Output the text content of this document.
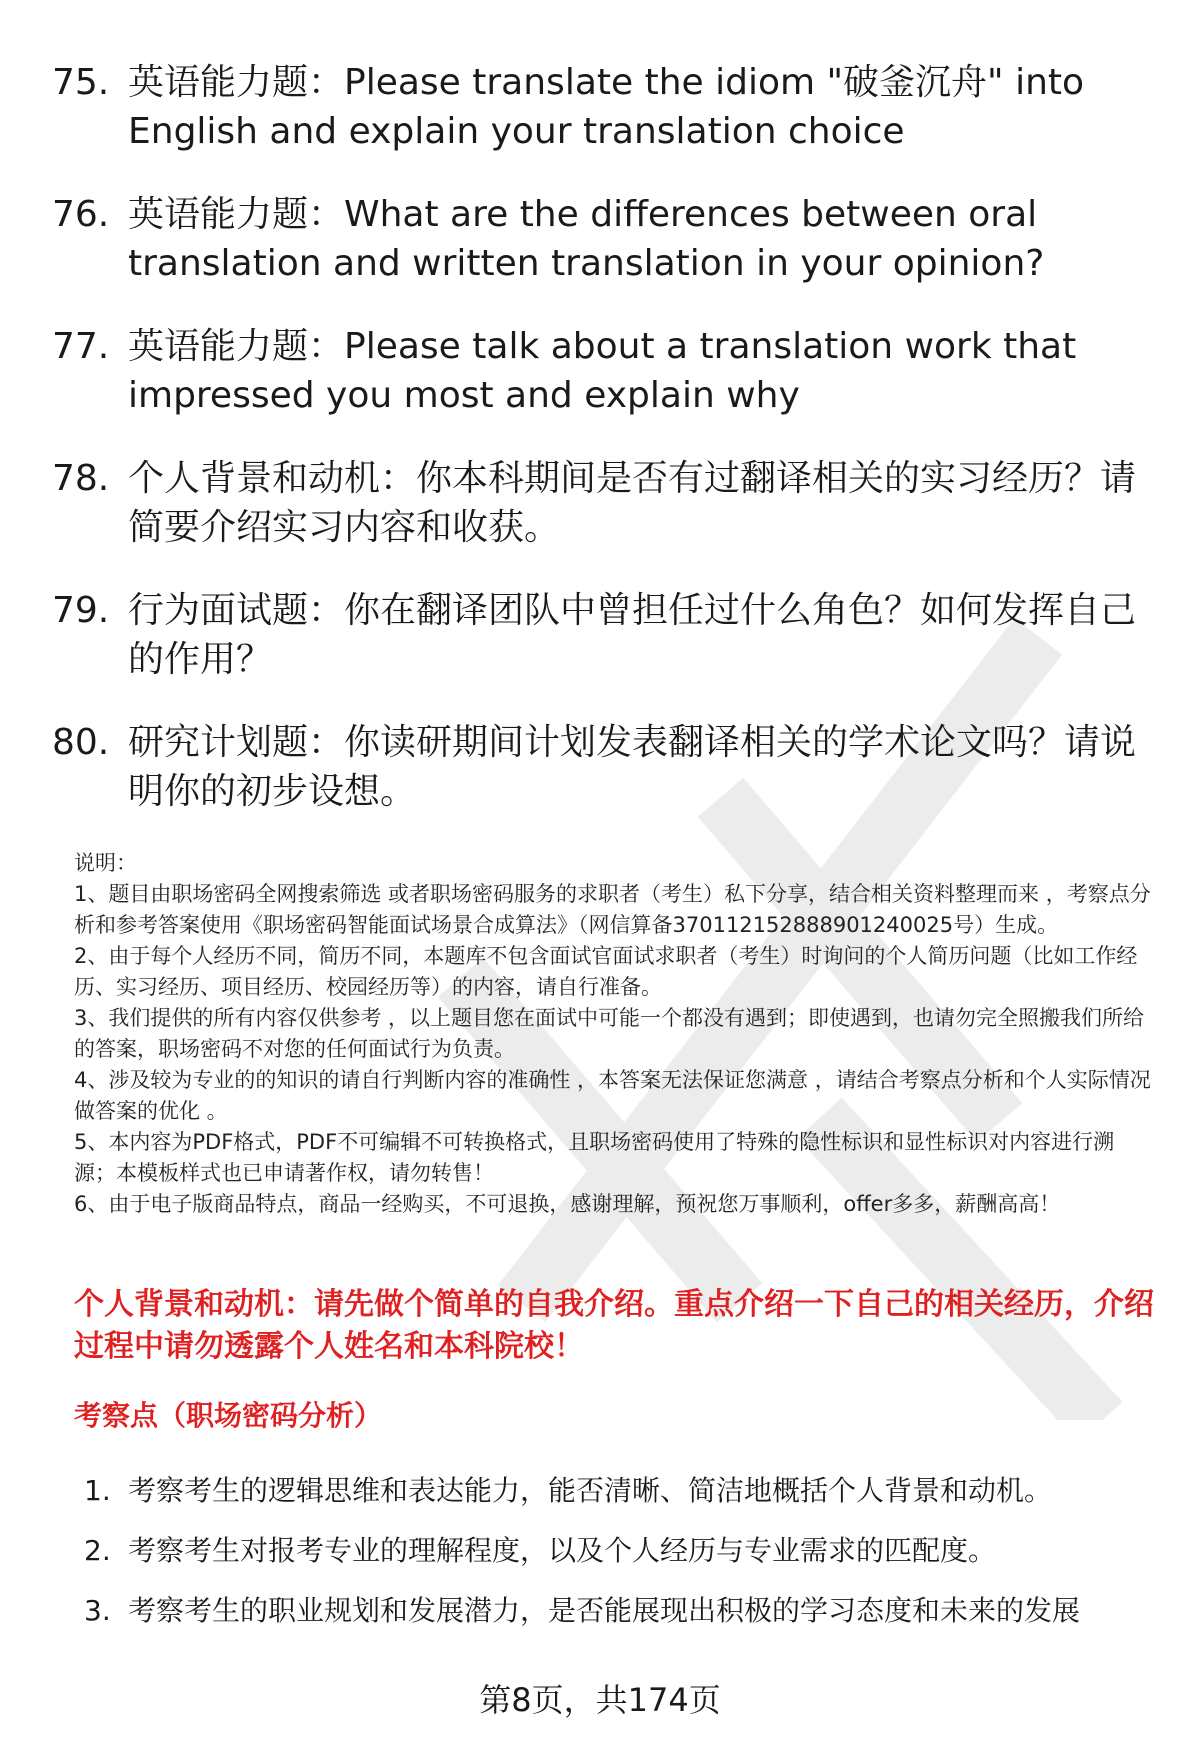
75. 英语能力题：Please translate the idiom "破釜沉舟" into English and explain your translation choice
76. 英语能力题：What are the differences between oral translation and written translation in your opinion?
77. 英语能力题：Please talk about a translation work that impressed you most and explain why
78. 个人背景和动机：你本科期间是否有过翻译相关的实习经历？请简要介绍实习内容和收获。
79. 行为面试题：你在翻译团队中曾担任过什么角色？如何发挥自己的作用？
80. 研究计划题：你读研期间计划发表翻译相关的学术论文吗？请说明你的初步设想。

说明：

1、题目由职场密码全网搜索筛选 或者职场密码服务的求职者（考生）私下分享，结合相关资料整理而来 ，考察点分析和参考答案使用《职场密码智能面试场景合成算法》（网信算备370112152888901240025号）生成。

2、由于每个人经历不同，简历不同，本题库不包含面试官面试求职者（考生）时询问的个人简历问题（比如工作经历、实习经历、项目经历、校园经历等）的内容，请自行准备。

3、我们提供的所有内容仅供参考 ，以上题目您在面试中可能一个都没有遇到；即使遇到，也请勿完全照搬我们所给的答案，职场密码不对您的任何面试行为负责。

4、涉及较为专业的的知识的请自行判断内容的准确性 ，本答案无法保证您满意 ，请结合考察点分析和个人实际情况做答案的优化 。

5、本内容为PDF格式，PDF不可编辑不可转换格式，且职场密码使用了特殊的隐性标识和显性标识对内容进行溯源；本模板样式也已申请著作权，请勿转售！

6、由于电子版商品特点，商品一经购买，不可退换，感谢理解，预祝您万事顺利，offer多多，薪酬高高！

个人背景和动机：请先做个简单的自我介绍。重点介绍一下自己的相关经历，介绍过程中请勿透露个人姓名和本科院校！
考察点（职场密码分析）
1. 考察考生的逻辑思维和表达能力，能否清晰、简洁地概括个人背景和动机。
2. 考察考生对报考专业的理解程度，以及个人经历与专业需求的匹配度。
3. 考察考生的职业规划和发展潜力，是否能展现出积极的学习态度和未来的发展
第8页，共174页
